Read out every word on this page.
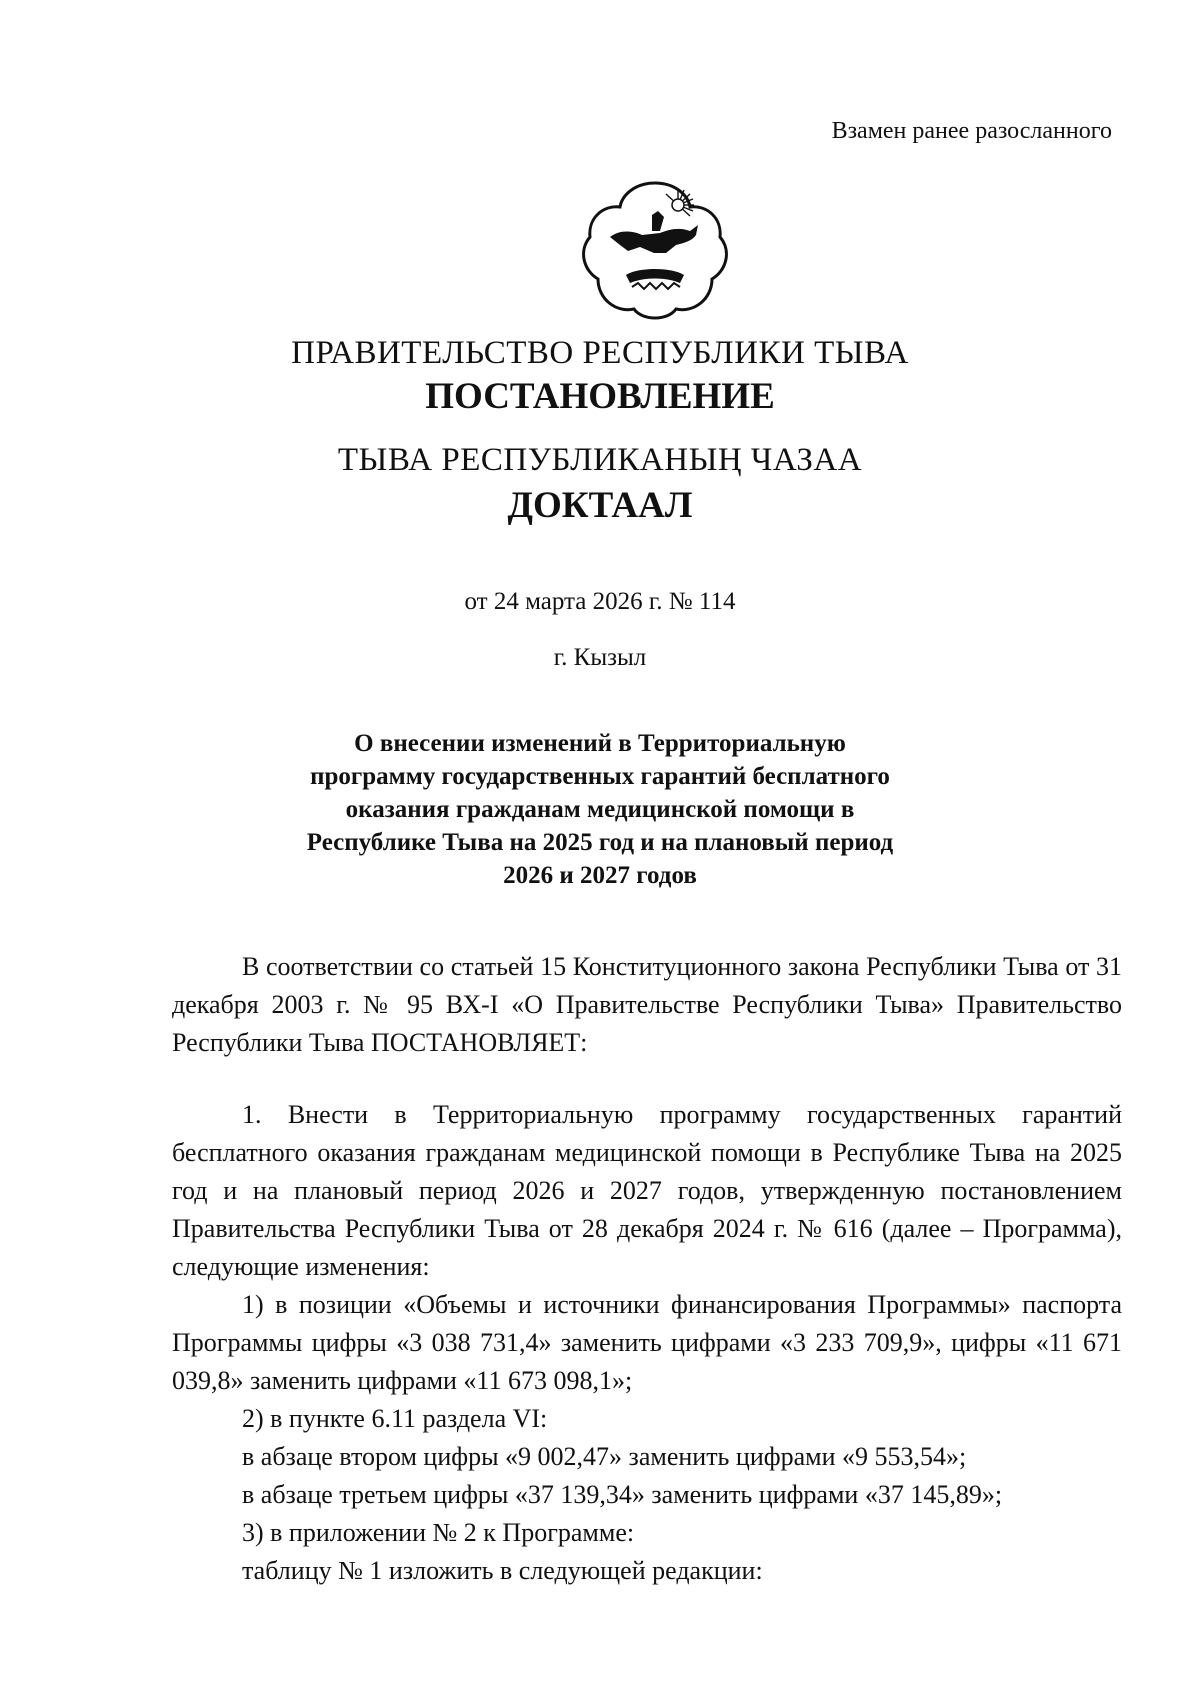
Взамен ранее разосланного
ПРАВИТЕЛЬСТВО РЕСПУБЛИКИ ТЫВА
ПОСТАНОВЛЕНИЕ
ТЫВА РЕСПУБЛИКАНЫҢ ЧАЗАА
ДОКТААЛ
от 24 марта 2026 г. № 114
г. Кызыл
О внесении изменений в Территориальную программу государственных гарантий бесплатного оказания гражданам медицинской помощи в Республике Тыва на 2025 год и на плановый период 2026 и 2027 годов

В соответствии со статьей 15 Конституционного закона Республики Тыва от 31 декабря 2003 г. № 95 ВХ-I «О Правительстве Республики Тыва» Правительство Республики Тыва ПОСТАНОВЛЯЕТ:

1. Внести в Территориальную программу государственных гарантий бесплатного оказания гражданам медицинской помощи в Республике Тыва на 2025 год и на плановый период 2026 и 2027 годов, утвержденную постановлением Правительства Республики Тыва от 28 декабря 2024 г. № 616 (далее – Программа), следующие изменения:

1) в позиции «Объемы и источники финансирования Программы» паспорта Программы цифры «3 038 731,4» заменить цифрами «3 233 709,9», цифры «11 671 039,8» заменить цифрами «11 673 098,1»;

2) в пункте 6.11 раздела VI:

в абзаце втором цифры «9 002,47» заменить цифрами «9 553,54»;

в абзаце третьем цифры «37 139,34» заменить цифрами «37 145,89»;

3) в приложении № 2 к Программе:

таблицу № 1 изложить в следующей редакции:
